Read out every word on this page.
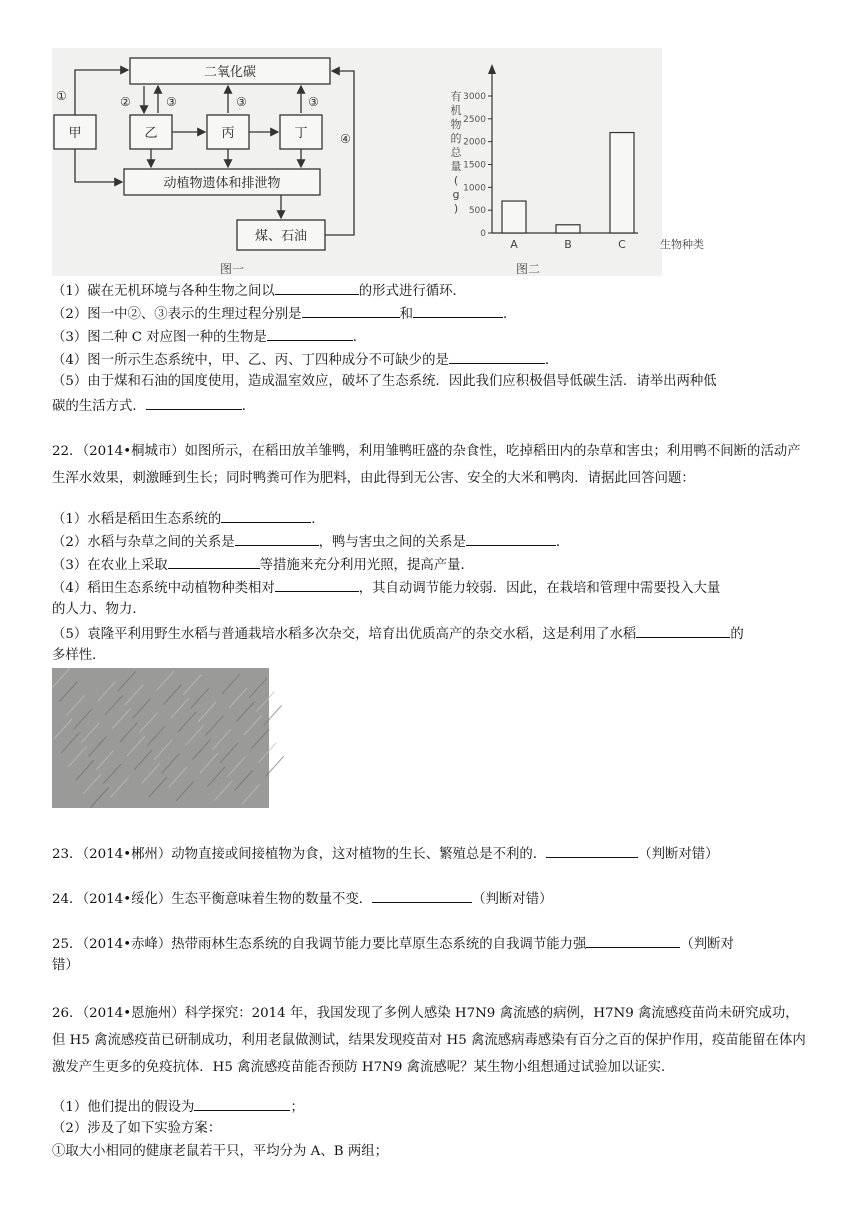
二氧化碳
甲	乙	丙	丁
动植物遗体和排泄物
煤、石油
①	②	③	③	③
④
图一
0
500
1000
1500
2000
2500
3000
有
机
物
的
总
量
(
g
)
A	B	C	生物种类
图二
（1）碳在无机环境与各种生物之间以	的形式进行循环．
（2）图一中②、③表示的生理过程分别是	和	．
（3）图二种 C 对应图一种的生物是	．
（4）图一所示生态系统中，甲、乙、丙、丁四种成分不可缺少的是	．
（5）由于煤和石油的国度使用，造成温室效应，破坏了生态系统．因此我们应积极倡导低碳生活．请举出两种低
碳的生活方式．	．
22．（2014•桐城市）如图所示，在稻田放羊雏鸭，利用雏鸭旺盛的杂食性，吃掉稻田内的杂草和害虫；利用鸭不间断的活动产生浑水效果，刺激睡到生长；同时鸭粪可作为肥料，由此得到无公害、安全的大米和鸭肉．请据此回答问题：
（1）水稻是稻田生态系统的	．
（2）水稻与杂草之间的关系是	，鸭与害虫之间的关系是	．
（3）在农业上采取	等措施来充分利用光照，提高产量．
（4）稻田生态系统中动植物种类相对	，其自动调节能力较弱．因此，在栽培和管理中需要投入大量
的人力、物力．
（5）袁隆平利用野生水稻与普通栽培水稻多次杂交，培育出优质高产的杂交水稻，这是利用了水稻	的
多样性．
23．（2014•郴州）动物直接或间接植物为食，这对植物的生长、繁殖总是不利的．	（判断对错）
24．（2014•绥化）生态平衡意味着生物的数量不变．	（判断对错）
25．（2014•赤峰）热带雨林生态系统的自我调节能力要比草原生态系统的自我调节能力强	（判断对
错）
26．（2014•恩施州）科学探究：2014 年，我国发现了多例人感染 H7N9 禽流感的病例，H7N9 禽流感疫苗尚未研究成功，但 H5 禽流感疫苗已研制成功，利用老鼠做测试，结果发现疫苗对 H5 禽流感病毒感染有百分之百的保护作用，疫苗能留在体内激发产生更多的免疫抗体．H5 禽流感疫苗能否预防 H7N9 禽流感呢？某生物小组想通过试验加以证实．
（1）他们提出的假设为	；
（2）涉及了如下实验方案：
①取大小相同的健康老鼠若干只，平均分为 A、B 两组；
